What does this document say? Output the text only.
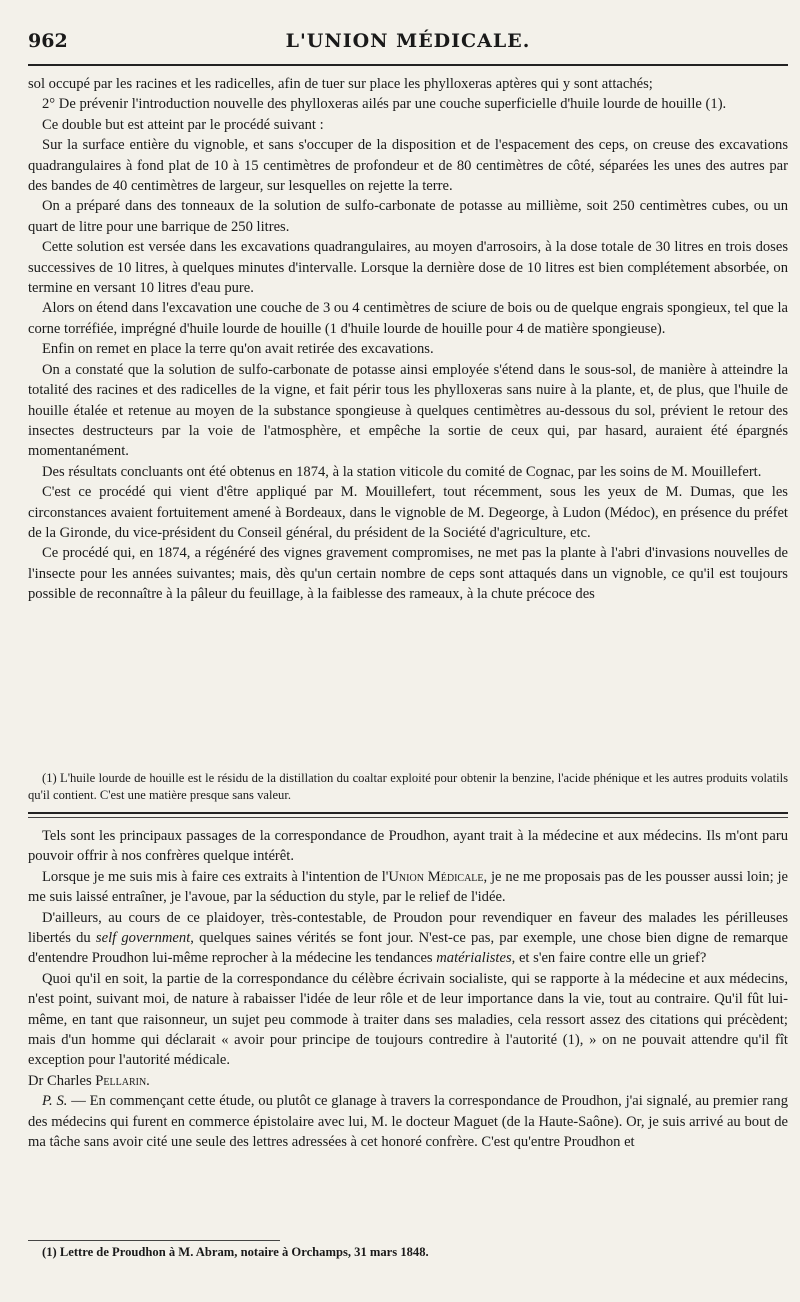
962	L'UNION MÉDICALE.

sol occupé par les racines et les radicelles, afin de tuer sur place les phylloxeras aptères qui y sont attachés;

2° De prévenir l'introduction nouvelle des phylloxeras ailés par une couche superficielle d'huile lourde de houille (1).

Ce double but est atteint par le procédé suivant :

Sur la surface entière du vignoble, et sans s'occuper de la disposition et de l'espacement des ceps, on creuse des excavations quadrangulaires à fond plat de 10 à 15 centimètres de profondeur et de 80 centimètres de côté, séparées les unes des autres par des bandes de 40 centimètres de largeur, sur lesquelles on rejette la terre.

On a préparé dans des tonneaux de la solution de sulfo-carbonate de potasse au millième, soit 250 centimètres cubes, ou un quart de litre pour une barrique de 250 litres.

Cette solution est versée dans les excavations quadrangulaires, au moyen d'arrosoirs, à la dose totale de 30 litres en trois doses successives de 10 litres, à quelques minutes d'intervalle. Lorsque la dernière dose de 10 litres est bien complétement absorbée, on termine en versant 10 litres d'eau pure.

Alors on étend dans l'excavation une couche de 3 ou 4 centimètres de sciure de bois ou de quelque engrais spongieux, tel que la corne torréfiée, imprégné d'huile lourde de houille (1 d'huile lourde de houille pour 4 de matière spongieuse).

Enfin on remet en place la terre qu'on avait retirée des excavations.

On a constaté que la solution de sulfo-carbonate de potasse ainsi employée s'étend dans le sous-sol, de manière à atteindre la totalité des racines et des radicelles de la vigne, et fait périr tous les phylloxeras sans nuire à la plante, et, de plus, que l'huile de houille étalée et retenue au moyen de la substance spongieuse à quelques centimètres au-dessous du sol, prévient le retour des insectes destructeurs par la voie de l'atmosphère, et empêche la sortie de ceux qui, par hasard, auraient été épargnés momentanément.

Des résultats concluants ont été obtenus en 1874, à la station viticole du comité de Cognac, par les soins de M. Mouillefert.

C'est ce procédé qui vient d'être appliqué par M. Mouillefert, tout récemment, sous les yeux de M. Dumas, que les circonstances avaient fortuitement amené à Bordeaux, dans le vignoble de M. Degeorge, à Ludon (Médoc), en présence du préfet de la Gironde, du vice-président du Conseil général, du président de la Société d'agriculture, etc.

Ce procédé qui, en 1874, a régénéré des vignes gravement compromises, ne met pas la plante à l'abri d'invasions nouvelles de l'insecte pour les années suivantes; mais, dès qu'un certain nombre de ceps sont attaqués dans un vignoble, ce qu'il est toujours possible de reconnaître à la pâleur du feuillage, à la faiblesse des rameaux, à la chute précoce des

(1) L'huile lourde de houille est le résidu de la distillation du coaltar exploité pour obtenir la benzine, l'acide phénique et les autres produits volatils qu'il contient. C'est une matière presque sans valeur.

Tels sont les principaux passages de la correspondance de Proudhon, ayant trait à la médecine et aux médecins. Ils m'ont paru pouvoir offrir à nos confrères quelque intérêt.

Lorsque je me suis mis à faire ces extraits à l'intention de l'Union Médicale, je ne me proposais pas de les pousser aussi loin; je me suis laissé entraîner, je l'avoue, par la séduction du style, par le relief de l'idée.

D'ailleurs, au cours de ce plaidoyer, très-contestable, de Proudon pour revendiquer en faveur des malades les périlleuses libertés du self government, quelques saines vérités se font jour. N'est-ce pas, par exemple, une chose bien digne de remarque d'entendre Proudhon lui-même reprocher à la médecine les tendances matérialistes, et s'en faire contre elle un grief?

Quoi qu'il en soit, la partie de la correspondance du célèbre écrivain socialiste, qui se rapporte à la médecine et aux médecins, n'est point, suivant moi, de nature à rabaisser l'idée de leur rôle et de leur importance dans la vie, tout au contraire. Qu'il fût lui-même, en tant que raisonneur, un sujet peu commode à traiter dans ses maladies, cela ressort assez des citations qui précèdent; mais d'un homme qui déclarait « avoir pour principe de toujours contredire à l'autorité (1), » on ne pouvait attendre qu'il fît exception pour l'autorité médicale.

Dr Charles Pellarin.

P. S. — En commençant cette étude, ou plutôt ce glanage à travers la correspondance de Proudhon, j'ai signalé, au premier rang des médecins qui furent en commerce épistolaire avec lui, M. le docteur Maguet (de la Haute-Saône). Or, je suis arrivé au bout de ma tâche sans avoir cité une seule des lettres adressées à cet honoré confrère. C'est qu'entre Proudhon et

(1) Lettre de Proudhon à M. Abram, notaire à Orchamps, 31 mars 1848.
